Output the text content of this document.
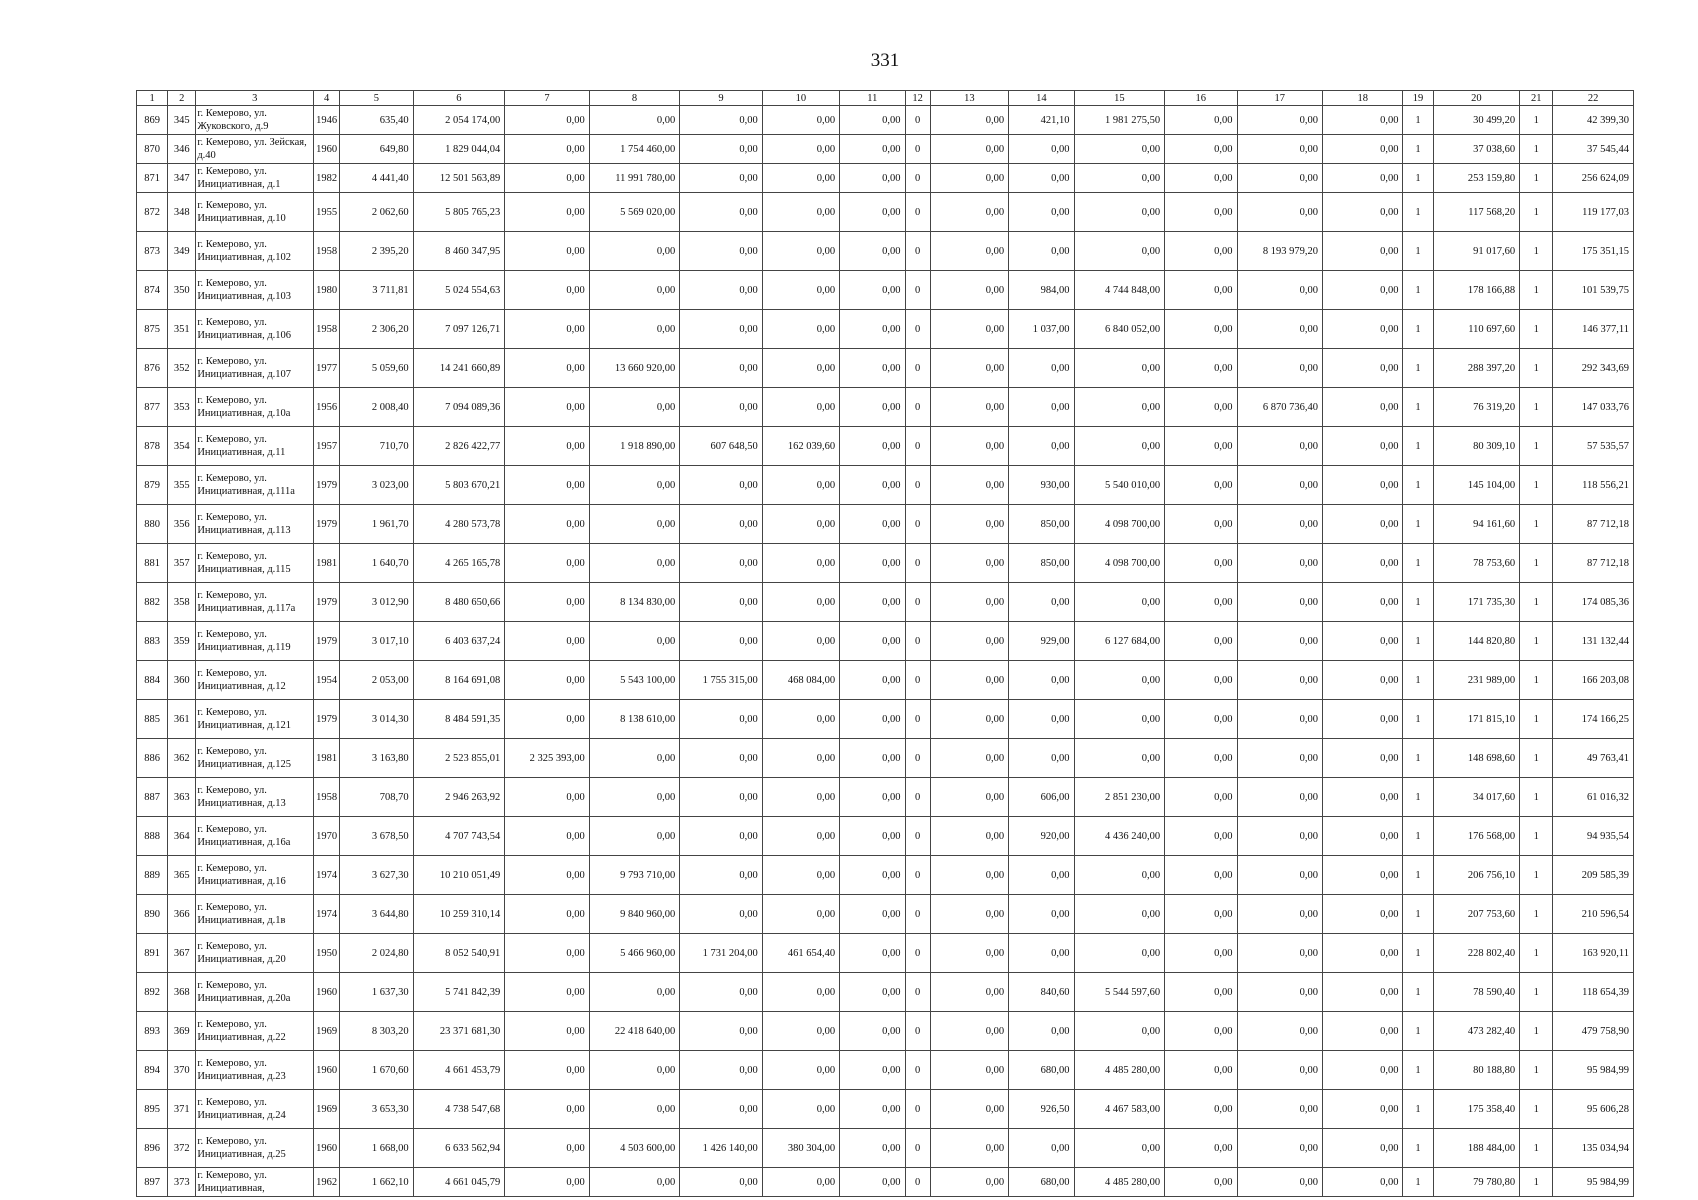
331
1	2	3	4	5	6	7	8	9	10	11	12	13	14	15	16	17	18	19	20	21	22
869	345	г. Кемерово, ул. Жуковского, д.9	1946	635,40	2 054 174,00	0,00	0,00	0,00	0,00	0,00	0	0,00	421,10	1 981 275,50	0,00	0,00	0,00	1	30 499,20	1	42 399,30
870	346	г. Кемерово, ул. Зейская, д.40	1960	649,80	1 829 044,04	0,00	1 754 460,00	0,00	0,00	0,00	0	0,00	0,00	0,00	0,00	0,00	0,00	1	37 038,60	1	37 545,44
871	347	г. Кемерово, ул. Инициативная, д.1	1982	4 441,40	12 501 563,89	0,00	11 991 780,00	0,00	0,00	0,00	0	0,00	0,00	0,00	0,00	0,00	0,00	1	253 159,80	1	256 624,09
872	348	г. Кемерово, ул. Инициативная, д.10	1955	2 062,60	5 805 765,23	0,00	5 569 020,00	0,00	0,00	0,00	0	0,00	0,00	0,00	0,00	0,00	0,00	1	117 568,20	1	119 177,03
873	349	г. Кемерово, ул. Инициативная, д.102	1958	2 395,20	8 460 347,95	0,00	0,00	0,00	0,00	0,00	0	0,00	0,00	0,00	0,00	8 193 979,20	0,00	1	91 017,60	1	175 351,15
874	350	г. Кемерово, ул. Инициативная, д.103	1980	3 711,81	5 024 554,63	0,00	0,00	0,00	0,00	0,00	0	0,00	984,00	4 744 848,00	0,00	0,00	0,00	1	178 166,88	1	101 539,75
875	351	г. Кемерово, ул. Инициативная, д.106	1958	2 306,20	7 097 126,71	0,00	0,00	0,00	0,00	0,00	0	0,00	1 037,00	6 840 052,00	0,00	0,00	0,00	1	110 697,60	1	146 377,11
876	352	г. Кемерово, ул. Инициативная, д.107	1977	5 059,60	14 241 660,89	0,00	13 660 920,00	0,00	0,00	0,00	0	0,00	0,00	0,00	0,00	0,00	0,00	1	288 397,20	1	292 343,69
877	353	г. Кемерово, ул. Инициативная, д.10а	1956	2 008,40	7 094 089,36	0,00	0,00	0,00	0,00	0,00	0	0,00	0,00	0,00	0,00	6 870 736,40	0,00	1	76 319,20	1	147 033,76
878	354	г. Кемерово, ул. Инициативная, д.11	1957	710,70	2 826 422,77	0,00	1 918 890,00	607 648,50	162 039,60	0,00	0	0,00	0,00	0,00	0,00	0,00	0,00	1	80 309,10	1	57 535,57
879	355	г. Кемерово, ул. Инициативная, д.111а	1979	3 023,00	5 803 670,21	0,00	0,00	0,00	0,00	0,00	0	0,00	930,00	5 540 010,00	0,00	0,00	0,00	1	145 104,00	1	118 556,21
880	356	г. Кемерово, ул. Инициативная, д.113	1979	1 961,70	4 280 573,78	0,00	0,00	0,00	0,00	0,00	0	0,00	850,00	4 098 700,00	0,00	0,00	0,00	1	94 161,60	1	87 712,18
881	357	г. Кемерово, ул. Инициативная, д.115	1981	1 640,70	4 265 165,78	0,00	0,00	0,00	0,00	0,00	0	0,00	850,00	4 098 700,00	0,00	0,00	0,00	1	78 753,60	1	87 712,18
882	358	г. Кемерово, ул. Инициативная, д.117а	1979	3 012,90	8 480 650,66	0,00	8 134 830,00	0,00	0,00	0,00	0	0,00	0,00	0,00	0,00	0,00	0,00	1	171 735,30	1	174 085,36
883	359	г. Кемерово, ул. Инициативная, д.119	1979	3 017,10	6 403 637,24	0,00	0,00	0,00	0,00	0,00	0	0,00	929,00	6 127 684,00	0,00	0,00	0,00	1	144 820,80	1	131 132,44
884	360	г. Кемерово, ул. Инициативная, д.12	1954	2 053,00	8 164 691,08	0,00	5 543 100,00	1 755 315,00	468 084,00	0,00	0	0,00	0,00	0,00	0,00	0,00	0,00	1	231 989,00	1	166 203,08
885	361	г. Кемерово, ул. Инициативная, д.121	1979	3 014,30	8 484 591,35	0,00	8 138 610,00	0,00	0,00	0,00	0	0,00	0,00	0,00	0,00	0,00	0,00	1	171 815,10	1	174 166,25
886	362	г. Кемерово, ул. Инициативная, д.125	1981	3 163,80	2 523 855,01	2 325 393,00	0,00	0,00	0,00	0,00	0	0,00	0,00	0,00	0,00	0,00	0,00	1	148 698,60	1	49 763,41
887	363	г. Кемерово, ул. Инициативная, д.13	1958	708,70	2 946 263,92	0,00	0,00	0,00	0,00	0,00	0	0,00	606,00	2 851 230,00	0,00	0,00	0,00	1	34 017,60	1	61 016,32
888	364	г. Кемерово, ул. Инициативная, д.16а	1970	3 678,50	4 707 743,54	0,00	0,00	0,00	0,00	0,00	0	0,00	920,00	4 436 240,00	0,00	0,00	0,00	1	176 568,00	1	94 935,54
889	365	г. Кемерово, ул. Инициативная, д.16	1974	3 627,30	10 210 051,49	0,00	9 793 710,00	0,00	0,00	0,00	0	0,00	0,00	0,00	0,00	0,00	0,00	1	206 756,10	1	209 585,39
890	366	г. Кемерово, ул. Инициативная, д.1в	1974	3 644,80	10 259 310,14	0,00	9 840 960,00	0,00	0,00	0,00	0	0,00	0,00	0,00	0,00	0,00	0,00	1	207 753,60	1	210 596,54
891	367	г. Кемерово, ул. Инициативная, д.20	1950	2 024,80	8 052 540,91	0,00	5 466 960,00	1 731 204,00	461 654,40	0,00	0	0,00	0,00	0,00	0,00	0,00	0,00	1	228 802,40	1	163 920,11
892	368	г. Кемерово, ул. Инициативная, д.20а	1960	1 637,30	5 741 842,39	0,00	0,00	0,00	0,00	0,00	0	0,00	840,60	5 544 597,60	0,00	0,00	0,00	1	78 590,40	1	118 654,39
893	369	г. Кемерово, ул. Инициативная, д.22	1969	8 303,20	23 371 681,30	0,00	22 418 640,00	0,00	0,00	0,00	0	0,00	0,00	0,00	0,00	0,00	0,00	1	473 282,40	1	479 758,90
894	370	г. Кемерово, ул. Инициативная, д.23	1960	1 670,60	4 661 453,79	0,00	0,00	0,00	0,00	0,00	0	0,00	680,00	4 485 280,00	0,00	0,00	0,00	1	80 188,80	1	95 984,99
895	371	г. Кемерово, ул. Инициативная, д.24	1969	3 653,30	4 738 547,68	0,00	0,00	0,00	0,00	0,00	0	0,00	926,50	4 467 583,00	0,00	0,00	0,00	1	175 358,40	1	95 606,28
896	372	г. Кемерово, ул. Инициативная, д.25	1960	1 668,00	6 633 562,94	0,00	4 503 600,00	1 426 140,00	380 304,00	0,00	0	0,00	0,00	0,00	0,00	0,00	0,00	1	188 484,00	1	135 034,94
897	373	г. Кемерово, ул. Инициативная,	1962	1 662,10	4 661 045,79	0,00	0,00	0,00	0,00	0,00	0	0,00	680,00	4 485 280,00	0,00	0,00	0,00	1	79 780,80	1	95 984,99
